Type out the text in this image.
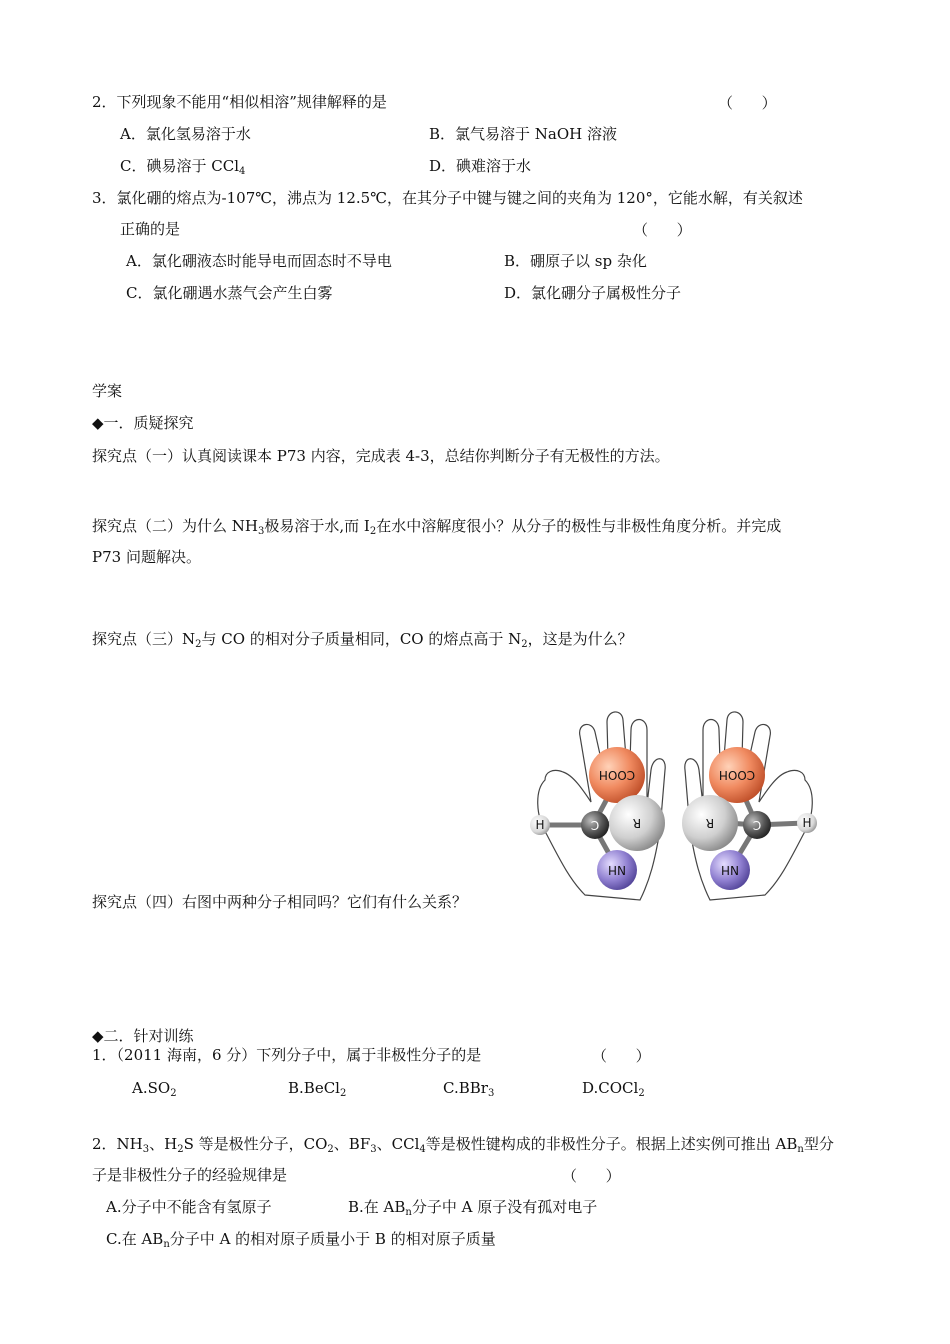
2．下列现象不能用“相似相溶”规律解释的是	（      ）
A．氯化氢易溶于水	B．氯气易溶于 NaOH 溶液
C．碘易溶于 CCl$_4$	D．碘难溶于水
3．氯化硼的熔点为-107℃，沸点为 12.5℃，在其分子中键与键之间的夹角为 120°，它能水解，有关叙述
正确的是	（      ）
A．氯化硼液态时能导电而固态时不导电	B．硼原子以 sp 杂化
C．氯化硼遇水蒸气会产生白雾	D．氯化硼分子属极性分子
学案
◆一．质疑探究
探究点（一）认真阅读课本 P73 内容，完成表 4-3，总结你判断分子有无极性的方法。
探究点（二）为什么 $NH_3$极易溶于水,而 $I_2$在水中溶解度很小？从分子的极性与非极性角度分析。并完成
P73 问题解决。
探究点（三）$N_2$与 CO 的相对分子质量相同，CO 的熔点高于 $N_2$，这是为什么？
COOH
R
C
H
NH
COOH
R	C	H
NH
探究点（四）右图中两种分子相同吗？它们有什么关系？
◆二．针对训练
1．（2011 海南，6 分）下列分子中，属于非极性分子的是	（      ）
$A.SO_2$	B.BeCl$_2$	C.BBr$_3$	D.COCl$_2$
2．$NH_3$、$H_2S$ 等是极性分子，$CO_2$、$BF_3$、CCl$_4$等是极性键构成的非极性分子。根据上述实例可推出 $AB_n$型分
子是非极性分子的经验规律是	（      ）
A.分子中不能含有氢原子	B.在 $AB_n$分子中 A 原子没有孤对电子
C.在 $AB_n$分子中 A 的相对原子质量小于 B 的相对原子质量
